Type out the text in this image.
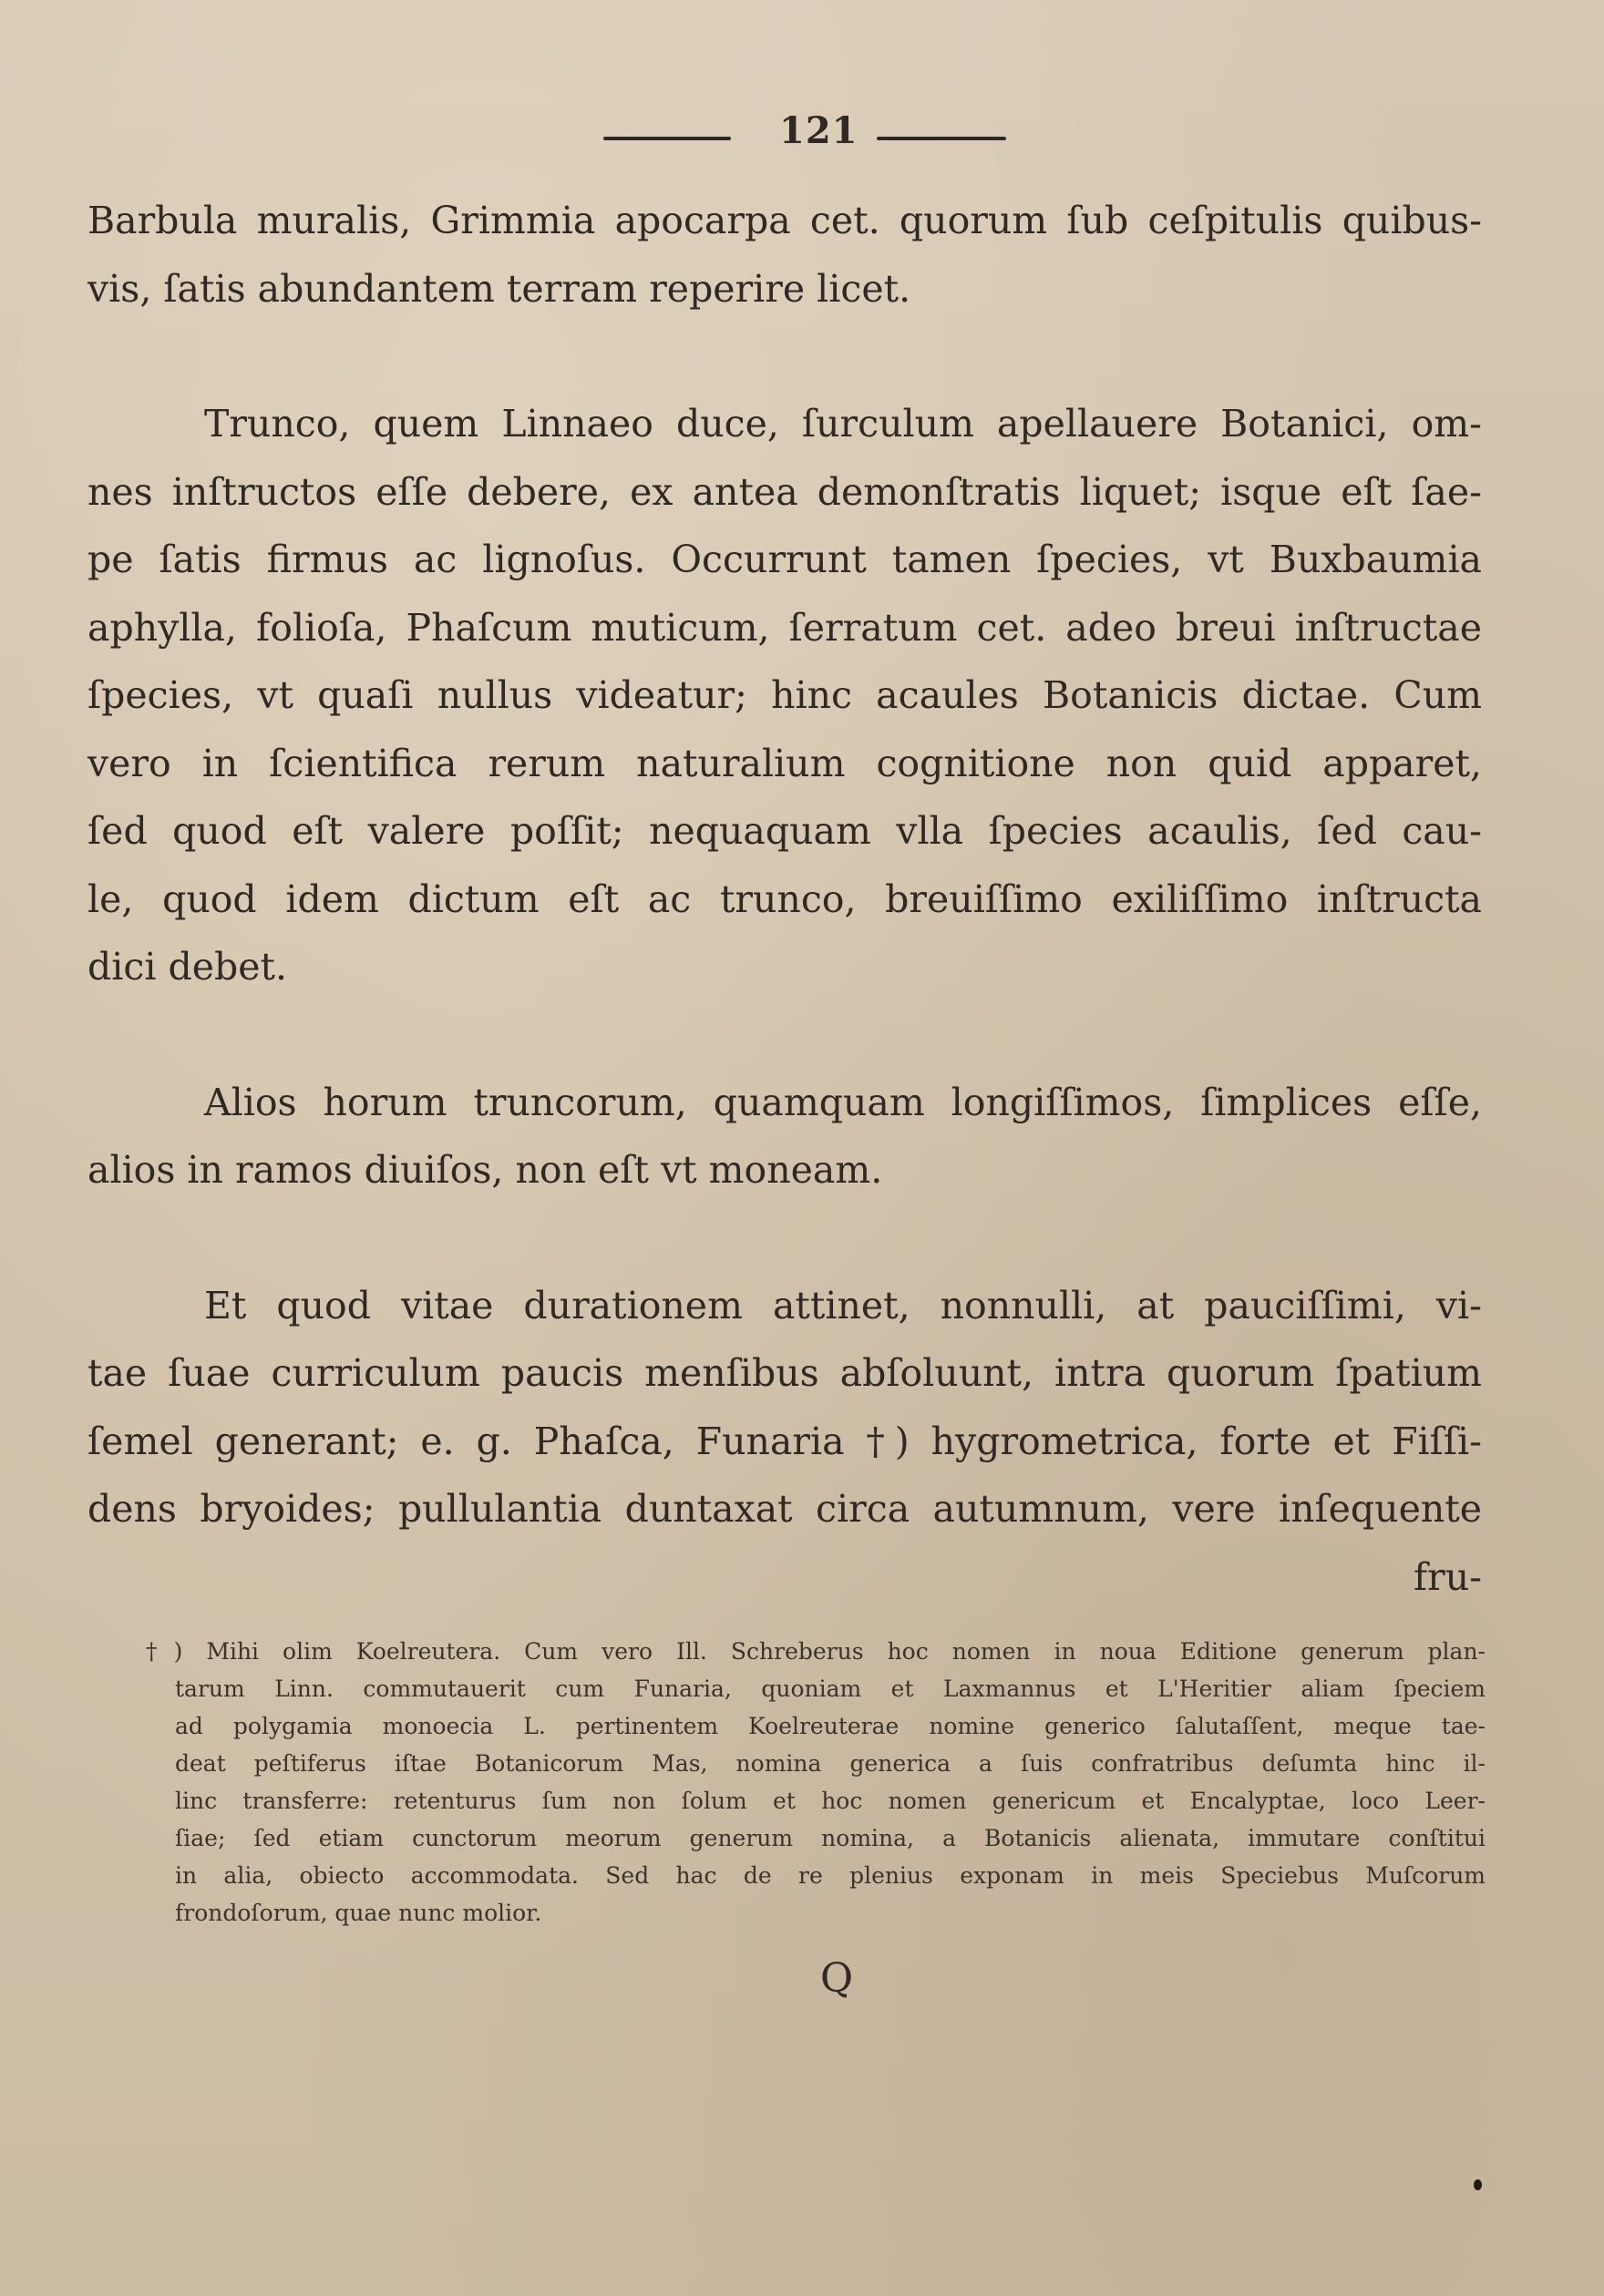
121

Barbula muralis, Grimmia apocarpa cet. quorum ſub ceſpitulis quibus-
vis, ſatis abundantem terram reperire licet.

Trunco, quem Linnaeo duce, ſurculum apellauere Botanici, om-
nes inſtructos eſſe debere, ex antea demonſtratis liquet; isque eſt ſae-
pe ſatis firmus ac lignoſus. Occurrunt tamen ſpecies, vt Buxbaumia
aphylla, folioſa, Phaſcum muticum, ſerratum cet. adeo breui inſtructae
ſpecies, vt quaſi nullus videatur; hinc acaules Botanicis dictae. Cum
vero in ſcientifica rerum naturalium cognitione non quid apparet,
ſed quod eſt valere poſſit; nequaquam vlla ſpecies acaulis, ſed cau-
le, quod idem dictum eſt ac trunco, breuiſſimo exiliſſimo inſtructa
dici debet.

Alios horum truncorum, quamquam longiſſimos, ſimplices eſſe,
alios in ramos diuiſos, non eſt vt moneam.

Et quod vitae durationem attinet, nonnulli, at pauciſſimi, vi-
tae ſuae curriculum paucis menſibus abſoluunt, intra quorum ſpatium
ſemel generant; e. g. Phaſca, Funaria †) hygrometrica, forte et Fiſſi-
dens bryoides; pullulantia duntaxat circa autumnum, vere inſequente
fru-

†) Mihi olim Koelreutera. Cum vero Ill. Schreberus hoc nomen in noua Editione generum plan-
tarum Linn. commutauerit cum Funaria, quoniam et Laxmannus et L'Heritier aliam ſpeciem
ad polygamia monoecia L. pertinentem Koelreuterae nomine generico ſalutaſſent, meque tae-
deat peſtiferus iſtae Botanicorum Mas, nomina generica a ſuis confratribus deſumta hinc il-
linc transferre: retenturus ſum non ſolum et hoc nomen genericum et Encalyptae, loco Leer-
ſiae; ſed etiam cunctorum meorum generum nomina, a Botanicis alienata, immutare conſtitui
in alia, obiecto accommodata. Sed hac de re plenius exponam in meis Speciebus Muſcorum
frondoſorum, quae nunc molior.
Q
